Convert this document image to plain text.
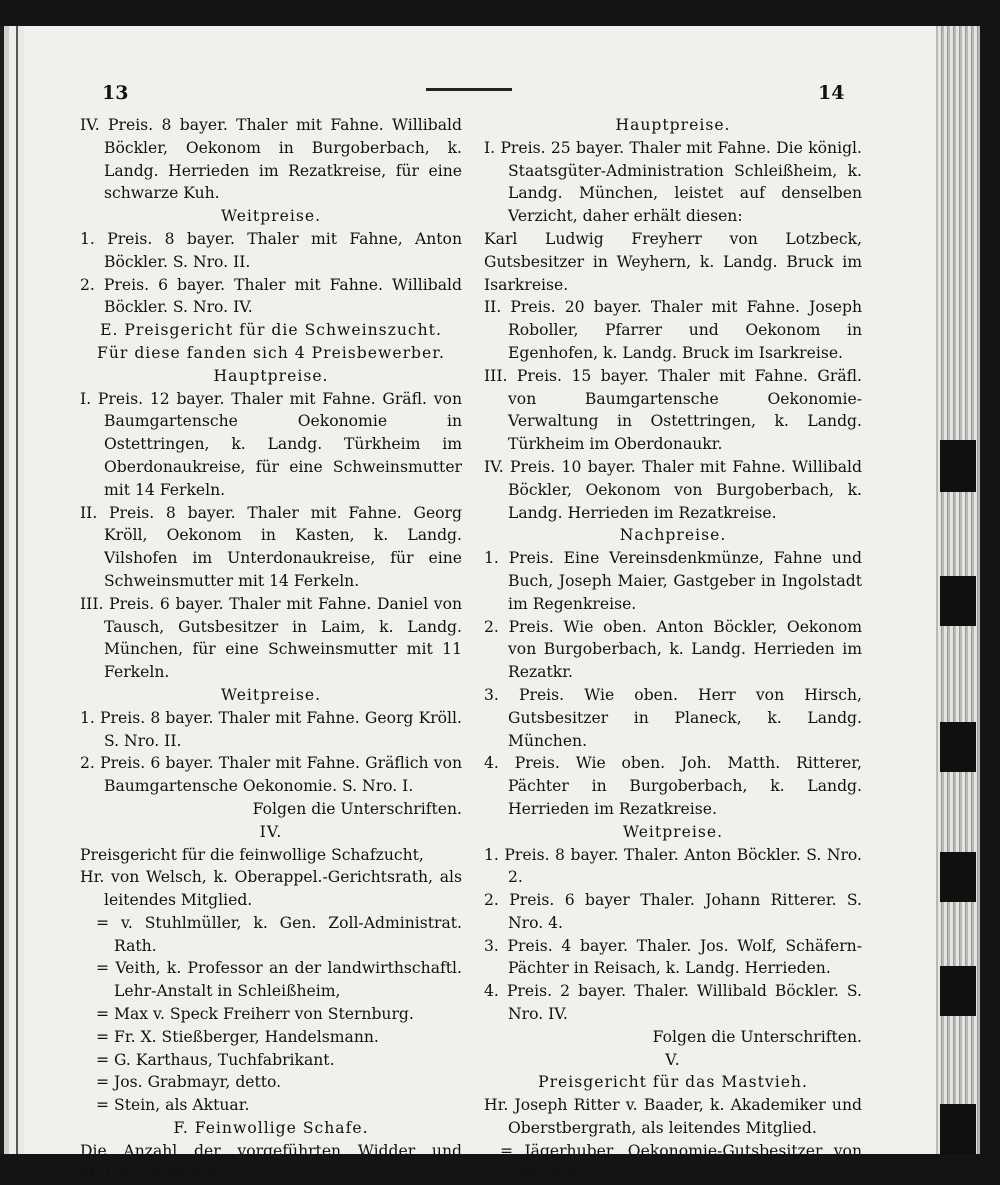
13	14

IV. Preis. 8 bayer. Thaler mit Fahne. Willibald Böckler, Oekonom in Burgoberbach, k. Landg. Herrieden im Rezatkreise, für eine schwarze Kuh.

Weitpreise.

1. Preis. 8 bayer. Thaler mit Fahne, Anton Böckler. S. Nro. II.

2. Preis. 6 bayer. Thaler mit Fahne. Willibald Böckler. S. Nro. IV.

E. Preisgericht für die Schweinszucht.

Für diese fanden sich 4 Preisbewerber.

Hauptpreise.

I. Preis. 12 bayer. Thaler mit Fahne. Gräfl. von Baumgartensche Oekonomie in Ostettringen, k. Landg. Türkheim im Oberdonaukreise, für eine Schweinsmutter mit 14 Ferkeln.

II. Preis. 8 bayer. Thaler mit Fahne. Georg Kröll, Oekonom in Kasten, k. Landg. Vilshofen im Unterdonaukreise, für eine Schweinsmutter mit 14 Ferkeln.

III. Preis. 6 bayer. Thaler mit Fahne. Daniel von Tausch, Gutsbesitzer in Laim, k. Landg. München, für eine Schweinsmutter mit 11 Ferkeln.

Weitpreise.

1. Preis. 8 bayer. Thaler mit Fahne. Georg Kröll. S. Nro. II.

2. Preis. 6 bayer. Thaler mit Fahne. Gräflich von Baumgartensche Oekonomie. S. Nro. I.

Folgen die Unterschriften.

IV.

Preisgericht für die feinwollige Schafzucht,

Hr. von Welsch, k. Oberappel.-Gerichtsrath, als leitendes Mitglied.

= v. Stuhlmüller, k. Gen. Zoll-Administrat. Rath.

= Veith, k. Professor an der landwirthschaftl. Lehr-Anstalt in Schleißheim,

= Max v. Speck Freiherr von Sternburg.

= Fr. X. Stießberger, Handelsmann.

= G. Karthaus, Tuchfabrikant.

= Jos. Grabmayr, detto.

= Stein, als Aktuar.

F. Feinwollige Schafe.

Die Anzahl der vorgeführten Widder und Mutterschafe betrug 10.

Hauptpreise.

I. Preis. 25 bayer. Thaler mit Fahne. Die königl. Staatsgüter-Administration Schleißheim, k. Landg. München, leistet auf denselben Verzicht, daher erhält diesen:

Karl Ludwig Freyherr von Lotzbeck, Gutsbesitzer in Weyhern, k. Landg. Bruck im Isarkreise.

II. Preis. 20 bayer. Thaler mit Fahne. Joseph Roboller, Pfarrer und Oekonom in Egenhofen, k. Landg. Bruck im Isarkreise.

III. Preis. 15 bayer. Thaler mit Fahne. Gräfl. von Baumgartensche Oekonomie-Verwaltung in Ostettringen, k. Landg. Türkheim im Oberdonaukr.

IV. Preis. 10 bayer. Thaler mit Fahne. Willibald Böckler, Oekonom von Burgoberbach, k. Landg. Herrieden im Rezatkreise.

Nachpreise.

1. Preis. Eine Vereinsdenkmünze, Fahne und Buch, Joseph Maier, Gastgeber in Ingolstadt im Regenkreise.

2. Preis. Wie oben. Anton Böckler, Oekonom von Burgoberbach, k. Landg. Herrieden im Rezatkr.

3. Preis. Wie oben. Herr von Hirsch, Gutsbesitzer in Planeck, k. Landg. München.

4. Preis. Wie oben. Joh. Matth. Ritterer, Pächter in Burgoberbach, k. Landg. Herrieden im Rezatkreise.

Weitpreise.

1. Preis. 8 bayer. Thaler. Anton Böckler. S. Nro. 2.

2. Preis. 6 bayer Thaler. Johann Ritterer. S. Nro. 4.

3. Preis. 4 bayer. Thaler. Jos. Wolf, Schäfern-Pächter in Reisach, k. Landg. Herrieden.

4. Preis. 2 bayer. Thaler. Willibald Böckler. S. Nro. IV.

Folgen die Unterschriften.

V.

Preisgericht für das Mastvieh.

Hr. Joseph Ritter v. Baader, k. Akademiker und Oberstbergrath, als leitendes Mitglied.

= Jägerhuber, Oekonomie-Gutsbesitzer von Marhof.
